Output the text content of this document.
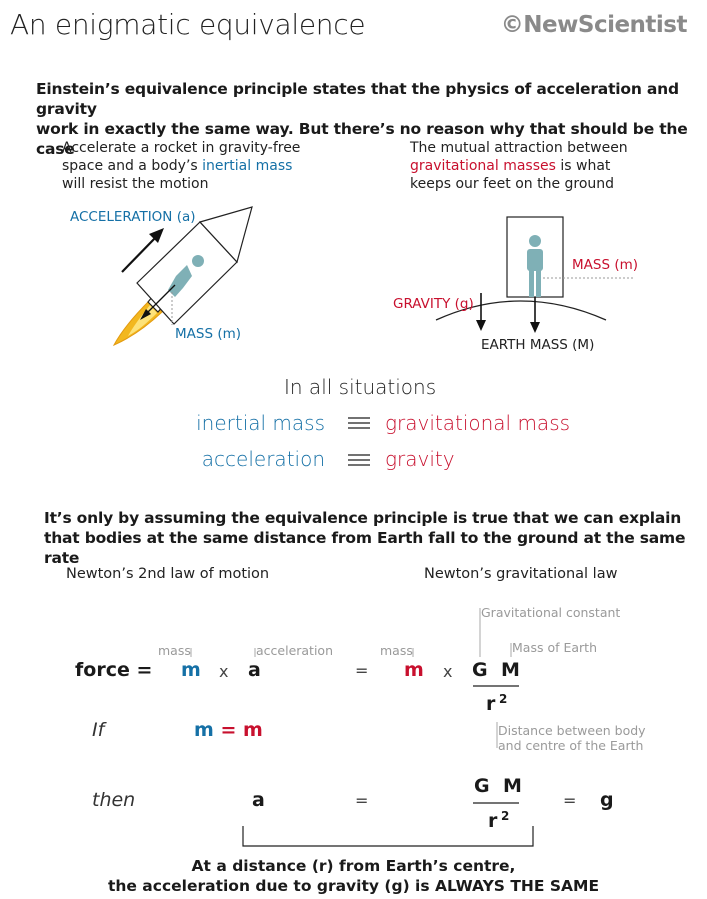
An enigmatic equivalence	©NewScientist
Einstein’s equivalence principle states that the physics of acceleration and gravity
work in exactly the same way. But there’s no reason why that should be the case
Accelerate a rocket in gravity-free
space and a body’s inertial mass
will resist the motion
The mutual attraction between
gravitational masses is what
keeps our feet on the ground
ACCELERATION (a)
MASS (m)
MASS (m)
GRAVITY (g)
EARTH MASS (M)
In all situations
inertial mass	gravitational mass
acceleration	gravity
It’s only by assuming the equivalence principle is true that we can explain
that bodies at the same distance from Earth fall to the ground at the same rate
Newton’s 2nd law of motion	Newton’s gravitational law
Gravitational constant
Mass of Earth
mass	acceleration	mass
Distance between body
and centre of the Earth
force = m x a	= m x G M
r 2
If	m = m
then	a	=
G M
r 2
= g
At a distance (r) from Earth’s centre,
the acceleration due to gravity (g) is ALWAYS THE SAME
